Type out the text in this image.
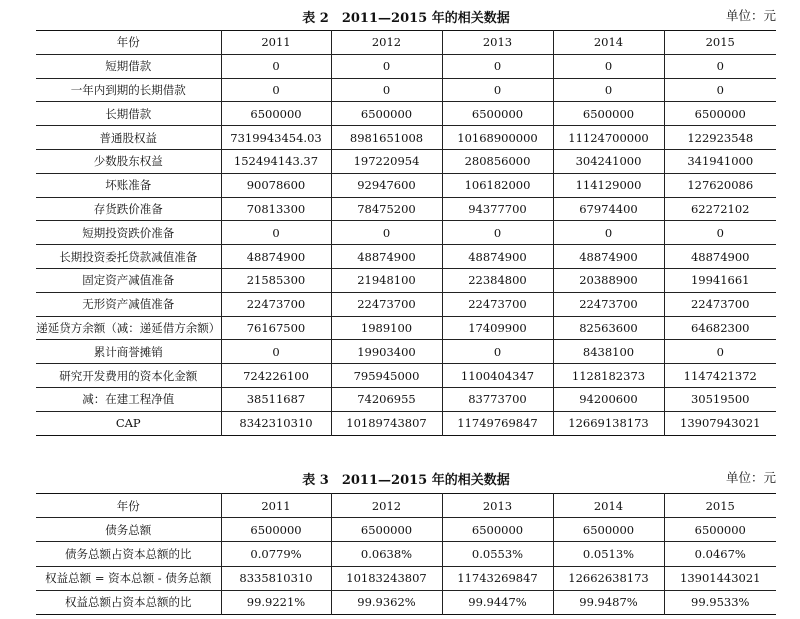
表 2　2011—2015 年的相关数据	单位：元
年份	2011	2012	2013	2014	2015
短期借款	0	0	0	0	0
一年内到期的长期借款	0	0	0	0	0
长期借款	6500000	6500000	6500000	6500000	6500000
普通股权益	7319943454.03	8981651008	10168900000	11124700000	122923548
少数股东权益	152494143.37	197220954	280856000	304241000	341941000
坏账准备	90078600	92947600	106182000	114129000	127620086
存货跌价准备	70813300	78475200	94377700	67974400	62272102
短期投资跌价准备	0	0	0	0	0
长期投资委托贷款减值准备	48874900	48874900	48874900	48874900	48874900
固定资产减值准备	21585300	21948100	22384800	20388900	19941661
无形资产减值准备	22473700	22473700	22473700	22473700	22473700
递延贷方余额（减：递延借方余额）	76167500	1989100	17409900	82563600	64682300
累计商誉摊销	0	19903400	0	8438100	0
研究开发费用的资本化金额	724226100	795945000	1100404347	1128182373	1147421372
减：在建工程净值	38511687	74206955	83773700	94200600	30519500
CAP	8342310310	10189743807	11749769847	12669138173	13907943021
表 3　2011—2015 年的相关数据	单位：元
年份	2011	2012	2013	2014	2015
债务总额	6500000	6500000	6500000	6500000	6500000
债务总额占资本总额的比	0.0779%	0.0638%	0.0553%	0.0513%	0.0467%
权益总额 = 资本总额 - 债务总额	8335810310	10183243807	11743269847	12662638173	13901443021
权益总额占资本总额的比	99.9221%	99.9362%	99.9447%	99.9487%	99.9533%
